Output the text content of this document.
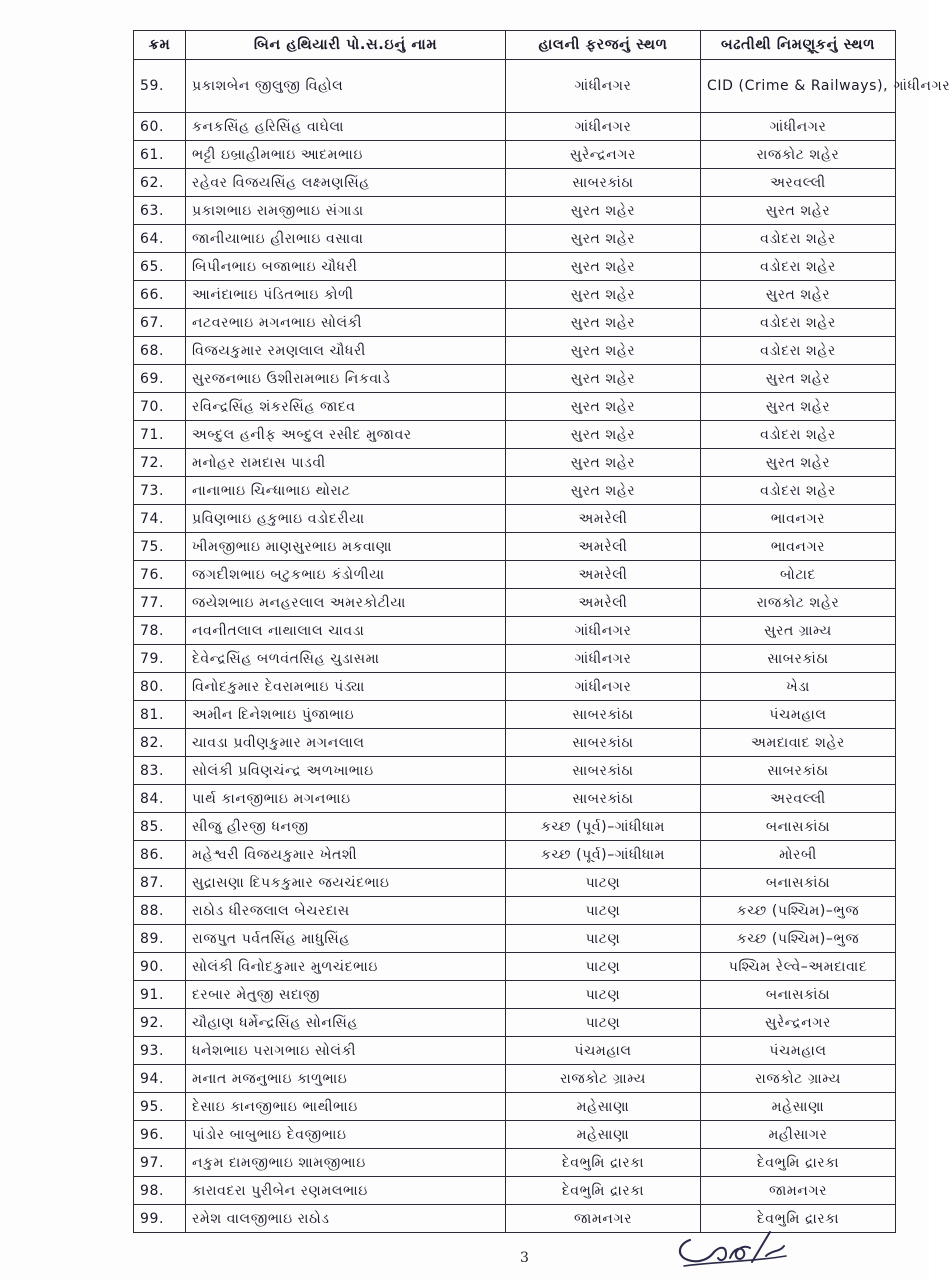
ક્રમ	બિન હથિયારી પો.સ.ઇનું નામ	હાલની ફરજનું સ્થળ	બઢતીથી નિમણૂકનું સ્થળ
59.	પ્રકાશબેન જીલુજી વિહોલ	ગાંધીનગર	CID (Crime & Railways), ગાંધીનગર
60.	કનકસિંહ હરિસિંહ વાઘેલા	ગાંધીનગર	ગાંધીનગર
61.	ભટ્ટી ઇબ્રાહીમભાઇ આદમભાઇ	સુરેન્દ્રનગર	રાજકોટ શહેર
62.	રહેવર વિજયસિંહ લક્ષ્મણસિંહ	સાબરકાંઠા	અરવલ્લી
63.	પ્રકાશભાઇ રામજીભાઇ સંગાડા	સુરત શહેર	સુરત શહેર
64.	જાનીયાભાઇ હીરાભાઇ વસાવા	સુરત શહેર	વડોદરા શહેર
65.	બિપીનભાઇ બજાભાઇ ચૌધરી	સુરત શહેર	વડોદરા શહેર
66.	આનંદાભાઇ પંડિતભાઇ કોળી	સુરત શહેર	સુરત શહેર
67.	નટવરભાઇ મગનભાઇ સોલંકી	સુરત શહેર	વડોદરા શહેર
68.	વિજયકુમાર રમણલાલ ચૌધરી	સુરત શહેર	વડોદરા શહેર
69.	સુરજનભાઇ ઉશીરામભાઇ નિકવાડે	સુરત શહેર	સુરત શહેર
70.	રવિન્દ્રસિંહ શંકરસિંહ જાદવ	સુરત શહેર	સુરત શહેર
71.	અબ્દુલ હનીફ અબ્દુલ રસીદ મુજાવર	સુરત શહેર	વડોદરા શહેર
72.	મનોહર રામદાસ પાડવી	સુરત શહેર	સુરત શહેર
73.	નાનાભાઇ ચિન્ધાભાઇ થોરાટ	સુરત શહેર	વડોદરા શહેર
74.	પ્રવિણભાઇ હકુભાઇ વડોદરીયા	અમરેલી	ભાવનગર
75.	ખીમજીભાઇ માણસુરભાઇ મકવાણા	અમરેલી	ભાવનગર
76.	જગદીશભાઇ બટુકભાઇ કંડોળીયા	અમરેલી	બોટાદ
77.	જયેશભાઇ મનહરલાલ અમરકોટીયા	અમરેલી	રાજકોટ શહેર
78.	નવનીતલાલ નાથાલાલ ચાવડા	ગાંધીનગર	સુરત ગ્રામ્ય
79.	દેવેન્દ્રસિંહ બળવંતસિહ ચુડાસમા	ગાંધીનગર	સાબરકાંઠા
80.	વિનોદકુમાર દેવરામભાઇ પંડ્યા	ગાંધીનગર	ખેડા
81.	અમીન દિનેશભાઇ પુંજાભાઇ	સાબરકાંઠા	પંચમહાલ
82.	ચાવડા પ્રવીણકુમાર મગનલાલ	સાબરકાંઠા	અમદાવાદ શહેર
83.	સોલંકી પ્રવિણચંન્દ્ર અળખાભાઇ	સાબરકાંઠા	સાબરકાંઠા
84.	પાર્થ કાનજીભાઇ મગનભાઇ	સાબરકાંઠા	અરવલ્લી
85.	સીજુ હીરજી ધનજી	કચ્છ (પૂર્વ)–ગાંધીધામ	બનાસકાંઠા
86.	મહેશ્વરી વિજયકુમાર ખેતશી	કચ્છ (પૂર્વ)–ગાંધીધામ	મોરબી
87.	સુદ્રાસણા દિપકકુમાર જયચંદભાઇ	પાટણ	બનાસકાંઠા
88.	રાઠોડ ધીરજલાલ બેચરદાસ	પાટણ	કચ્છ (પશ્ચિમ)–ભુજ
89.	રાજપુત પર્વતસિંહ માધુસિંહ	પાટણ	કચ્છ (પશ્ચિમ)–ભુજ
90.	સોલંકી વિનોદકુમાર મુળચંદભાઇ	પાટણ	પશ્ચિમ રેલ્વે–અમદાવાદ
91.	દરબાર મેતુજી સદાજી	પાટણ	બનાસકાંઠા
92.	ચૌહાણ ધર્મેન્દ્રસિંહ સોનસિંહ	પાટણ	સુરેન્દ્રનગર
93.	ધનેશભાઇ પરાગભાઇ સોલંકી	પંચમહાલ	પંચમહાલ
94.	મનાત મજનુભાઇ કાળુભાઇ	રાજકોટ ગ્રામ્ય	રાજકોટ ગ્રામ્ય
95.	દેસાઇ કાનજીભાઇ ભાથીભાઇ	મહેસાણા	મહેસાણા
96.	પાંડોર બાબુભાઇ દેવજીભાઇ	મહેસાણા	મહીસાગર
97.	નકુમ દામજીભાઇ શામજીભાઇ	દેવભુમિ દ્રારકા	દેવભુમિ દ્રારકા
98.	કારાવદરા પુરીબેન રણમલભાઇ	દેવભુમિ દ્રારકા	જામનગર
99.	રમેશ વાલજીભાઇ રાઠોડ	જામનગર	દેવભુમિ દ્રારકા
3
